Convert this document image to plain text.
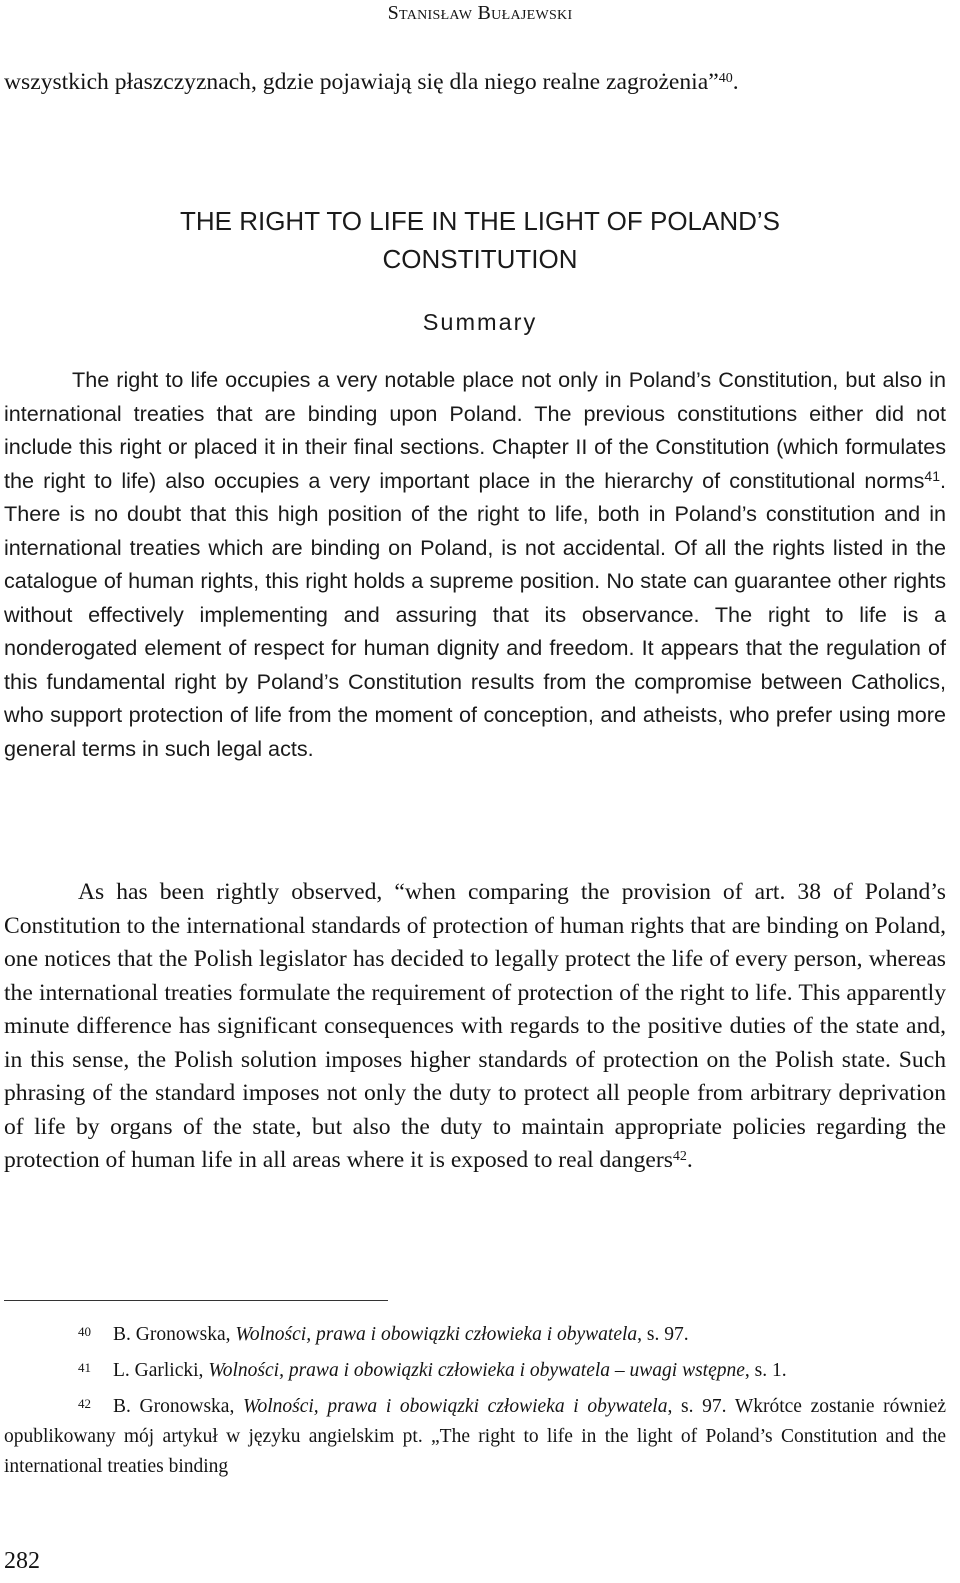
Stanisław Bułajewski
wszystkich płaszczyznach, gdzie pojawiają się dla niego realne zagrożenia”$^{40}$.
THE RIGHT TO LIFE IN THE LIGHT OF POLAND’S
CONSTITUTION
Summary

The right to life occupies a very notable place not only in Poland’s Constitution, but also in international treaties that are binding upon Poland. The previous constitutions either did not include this right or placed it in their final sections. Chapter II of the Constitution (which formulates the right to life) also occupies a very important place in the hierarchy of constitutional norms$^{41}$. There is no doubt that this high position of the right to life, both in Poland’s constitution and in international treaties which are binding on Poland, is not accidental. Of all the rights listed in the catalogue of human rights, this right holds a supreme position. No state can guarantee other rights without effectively implementing and assuring that its observance. The right to life is a nonderogated element of respect for human dignity and freedom. It appears that the regulation of this fundamental right by Poland’s Constitution results from the compromise between Catholics, who support protection of life from the moment of conception, and atheists, who prefer using more general terms in such legal acts.

As has been rightly observed, “when comparing the provision of art. 38 of Poland’s Constitution to the international standards of protection of human rights that are binding on Poland, one notices that the Polish legislator has decided to legally protect the life of every person, whereas the international treaties formulate the requirement of protection of the right to life. This apparently minute difference has significant consequences with regards to the positive duties of the state and, in this sense, the Polish solution imposes higher standards of protection on the Polish state. Such phrasing of the standard imposes not only the duty to protect all people from arbitrary deprivation of life by organs of the state, but also the duty to maintain appropriate policies regarding the protection of human life in all areas where it is exposed to real dangers$^{42}$.

$^{40}$ B. Gronowska, Wolności, prawa i obowiązki człowieka i obywatela, s. 97.

$^{41}$ L. Garlicki, Wolności, prawa i obowiązki człowieka i obywatela – uwagi wstępne, s. 1.

$^{42}$ B. Gronowska, Wolności, prawa i obowiązki człowieka i obywatela, s. 97. Wkrótce zostanie również opublikowany mój artykuł w języku angielskim pt. „The right to life in the light of Poland’s Constitution and the international treaties binding

282
